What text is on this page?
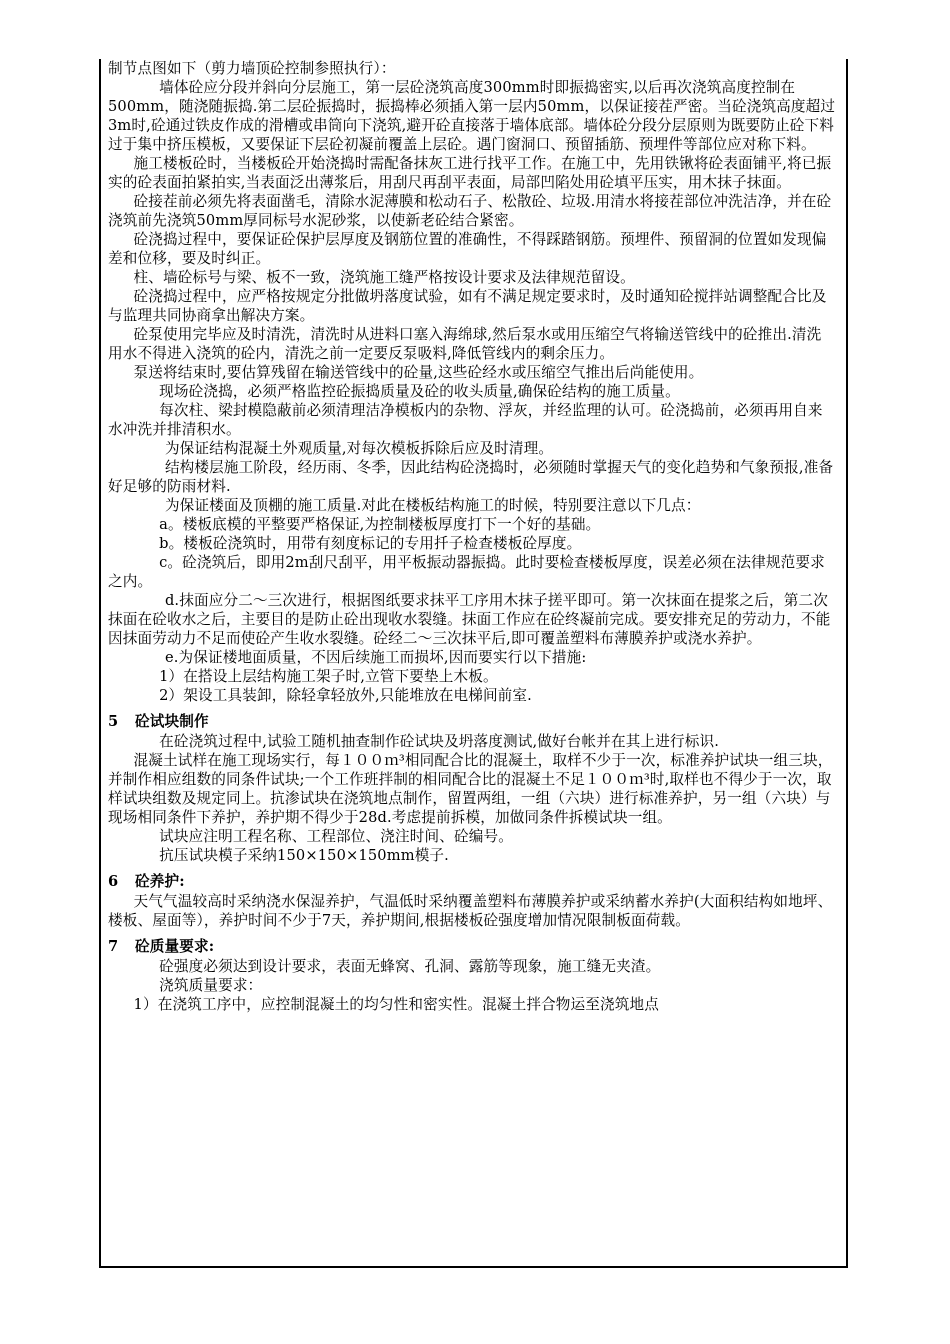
制节点图如下（剪力墙顶砼控制参照执行）：

墙体砼应分段并斜向分层施工，第一层砼浇筑高度300mm时即振捣密实,以后再次浇筑高度控制在500mm，随浇随振捣.第二层砼振捣时，振捣棒必须插入第一层内50mm，以保证接茬严密。当砼浇筑高度超过3m时,砼通过铁皮作成的滑槽或串筒向下浇筑,避开砼直接落于墙体底部。墙体砼分段分层原则为既要防止砼下料过于集中挤压模板，又要保证下层砼初凝前覆盖上层砼。遇门窗洞口、预留插筋、预埋件等部位应对称下料。

施工楼板砼时，当楼板砼开始浇捣时需配备抹灰工进行找平工作。在施工中，先用铁锹将砼表面铺平,将已振实的砼表面拍紧拍实,当表面泛出薄浆后，用刮尺再刮平表面，局部凹陷处用砼填平压实，用木抹子抹面。

砼接茬前必须先将表面凿毛，清除水泥薄膜和松动石子、松散砼、垃圾.用清水将接茬部位冲洗洁净，并在砼浇筑前先浇筑50mm厚同标号水泥砂浆，以使新老砼结合紧密。

砼浇捣过程中，要保证砼保护层厚度及钢筋位置的准确性，不得踩踏钢筋。预埋件、预留洞的位置如发现偏差和位移，要及时纠正。

柱、墙砼标号与梁、板不一致，浇筑施工缝严格按设计要求及法律规范留设。

砼浇捣过程中，应严格按规定分批做坍落度试验，如有不满足规定要求时，及时通知砼搅拌站调整配合比及与监理共同协商拿出解决方案。

砼泵使用完毕应及时清洗，清洗时从进料口塞入海绵球,然后泵水或用压缩空气将输送管线中的砼推出.清洗用水不得进入浇筑的砼内，清洗之前一定要反泵吸料,降低管线内的剩余压力。

泵送将结束时,要估算残留在输送管线中的砼量,这些砼经水或压缩空气推出后尚能使用。

现场砼浇捣，必须严格监控砼振捣质量及砼的收头质量,确保砼结构的施工质量。

每次柱、梁封模隐蔽前必须清理洁净模板内的杂物、浮灰，并经监理的认可。砼浇捣前，必须再用自来水冲洗并排清积水。

为保证结构混凝土外观质量,对每次模板拆除后应及时清理。

结构楼层施工阶段，经历雨、冬季，因此结构砼浇捣时，必须随时掌握天气的变化趋势和气象预报,准备好足够的防雨材料.

为保证楼面及顶棚的施工质量.对此在楼板结构施工的时候，特别要注意以下几点：

a。楼板底模的平整要严格保证,为控制楼板厚度打下一个好的基础。

b。楼板砼浇筑时，用带有刻度标记的专用扦子检查楼板砼厚度。

c。砼浇筑后，即用2m刮尺刮平，用平板振动器振捣。此时要检查楼板厚度，误差必须在法律规范要求之内。

d.抹面应分二～三次进行，根据图纸要求抹平工序用木抹子搓平即可。第一次抹面在提浆之后，第二次抹面在砼收水之后，主要目的是防止砼出现收水裂缝。抹面工作应在砼终凝前完成。要安排充足的劳动力，不能因抹面劳动力不足而使砼产生收水裂缝。砼经二～三次抹平后,即可覆盖塑料布薄膜养护或浇水养护。

e.为保证楼地面质量，不因后续施工而损坏,因而要实行以下措施:

1）在搭设上层结构施工架子时,立管下要垫上木板。

2）架设工具装卸，除轻拿轻放外,只能堆放在电梯间前室.

5 砼试块制作

在砼浇筑过程中,试验工随机抽查制作砼试块及坍落度测试,做好台帐并在其上进行标识.

混凝土试样在施工现场实行，每１００ｍ³相同配合比的混凝土，取样不少于一次，标准养护试块一组三块，并制作相应组数的同条件试块;一个工作班拌制的相同配合比的混凝土不足１００ｍ³时,取样也不得少于一次，取样试块组数及规定同上。抗渗试块在浇筑地点制作，留置两组，一组（六块）进行标准养护，另一组（六块）与现场相同条件下养护，养护期不得少于28d.考虑提前拆模，加做同条件拆模试块一组。

试块应注明工程名称、工程部位、浇注时间、砼编号。

抗压试块模子采纳150×150×150mm模子.

6 砼养护:

天气气温较高时采纳浇水保湿养护，气温低时采纳覆盖塑料布薄膜养护或采纳蓄水养护(大面积结构如地坪、楼板、屋面等），养护时间不少于7天，养护期间,根据楼板砼强度增加情况限制板面荷载。

7 砼质量要求:

砼强度必须达到设计要求，表面无蜂窝、孔洞、露筋等现象，施工缝无夹渣。

浇筑质量要求：

1）在浇筑工序中，应控制混凝土的均匀性和密实性。混凝土拌合物运至浇筑地点
